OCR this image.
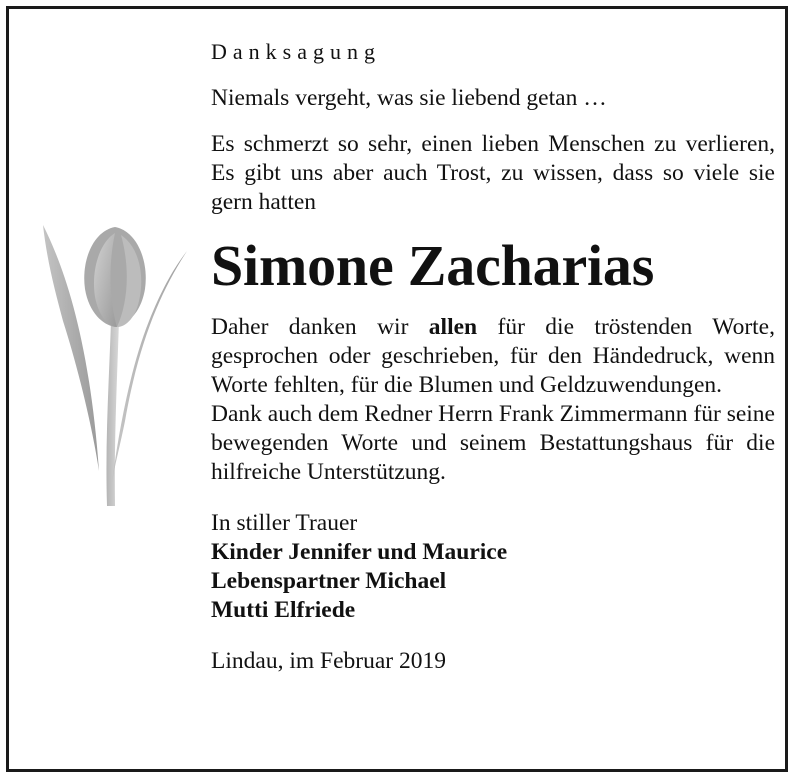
Danksagung

Niemals vergeht, was sie liebend getan …

Es schmerzt so sehr, einen lieben Menschen zu verlieren, Es gibt uns aber auch Trost, zu wissen, dass so viele sie gern hatten

Simone Zacharias

Daher danken wir allen für die tröstenden Worte, gesprochen oder geschrieben, für den Händedruck, wenn Worte fehlten, für die Blumen und Geldzuwendungen.

Dank auch dem Redner Herrn Frank Zimmermann für seine bewegenden Worte und seinem Bestattungshaus für die hilfreiche Unterstützung.

In stiller Trauer

Kinder Jennifer und Maurice

Lebenspartner Michael

Mutti Elfriede

Lindau, im Februar 2019
